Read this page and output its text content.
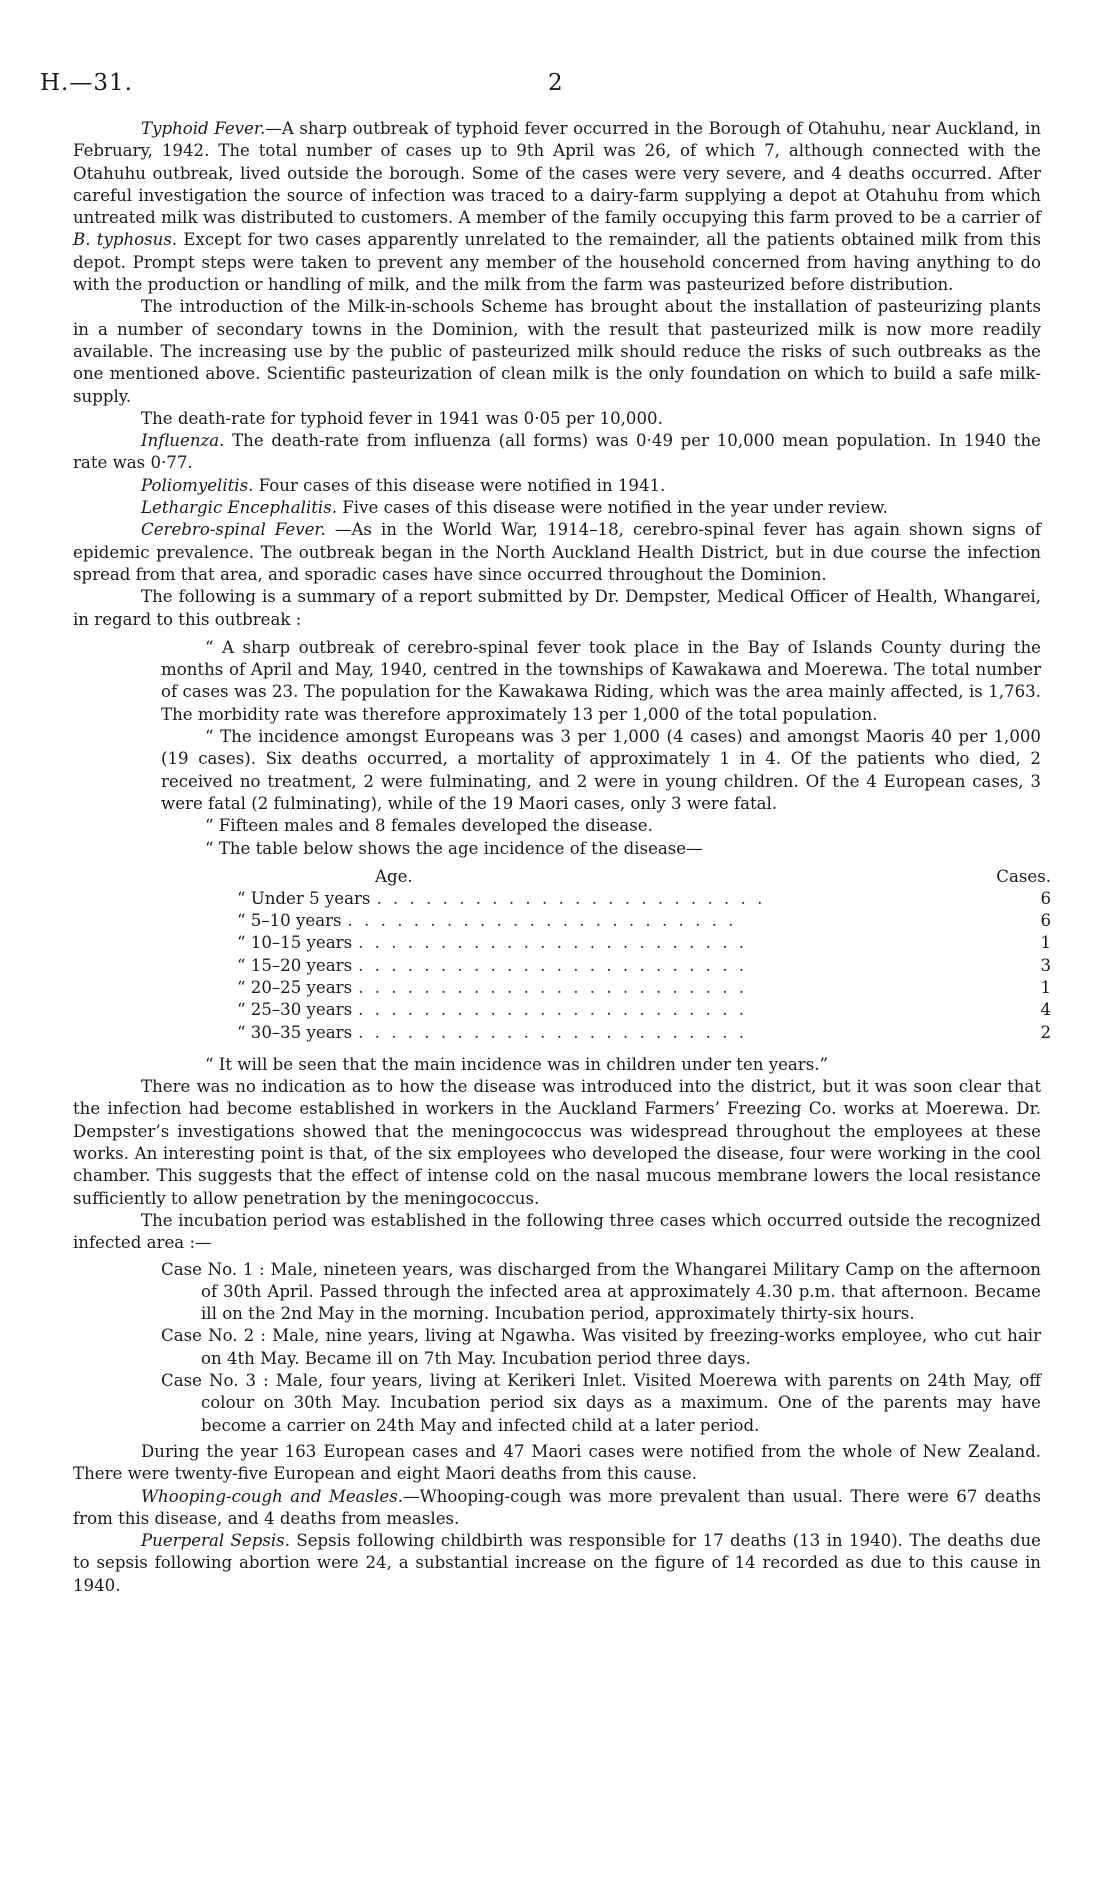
H.—31.	2

Typhoid Fever.—A sharp outbreak of typhoid fever occurred in the Borough of Otahuhu, near Auckland, in February, 1942. The total number of cases up to 9th April was 26, of which 7, although connected with the Otahuhu outbreak, lived outside the borough. Some of the cases were very severe, and 4 deaths occurred. After careful investigation the source of infection was traced to a dairy-farm supplying a depot at Otahuhu from which untreated milk was distributed to customers. A member of the family occupying this farm proved to be a carrier of B. typhosus. Except for two cases apparently unrelated to the remainder, all the patients obtained milk from this depot. Prompt steps were taken to prevent any member of the household concerned from having anything to do with the production or handling of milk, and the milk from the farm was pasteurized before distribution.

The introduction of the Milk-in-schools Scheme has brought about the installation of pasteurizing plants in a number of secondary towns in the Dominion, with the result that pasteurized milk is now more readily available. The increasing use by the public of pasteurized milk should reduce the risks of such outbreaks as the one mentioned above. Scientific pasteurization of clean milk is the only foundation on which to build a safe milk-supply.

The death-rate for typhoid fever in 1941 was 0·05 per 10,000.

Influenza. The death-rate from influenza (all forms) was 0·49 per 10,000 mean population. In 1940 the rate was 0·77.

Poliomyelitis. Four cases of this disease were notified in 1941.

Lethargic Encephalitis. Five cases of this disease were notified in the year under review.

Cerebro-spinal Fever. —As in the World War, 1914–18, cerebro-spinal fever has again shown signs of epidemic prevalence. The outbreak began in the North Auckland Health District, but in due course the infection spread from that area, and sporadic cases have since occurred throughout the Dominion.

The following is a summary of a report submitted by Dr. Dempster, Medical Officer of Health, Whangarei, in regard to this outbreak :

“ A sharp outbreak of cerebro-spinal fever took place in the Bay of Islands County during the months of April and May, 1940, centred in the townships of Kawakawa and Moerewa. The total number of cases was 23. The population for the Kawakawa Riding, which was the area mainly affected, is 1,763. The morbidity rate was therefore approximately 13 per 1,000 of the total population.

“ The incidence amongst Europeans was 3 per 1,000 (4 cases) and amongst Maoris 40 per 1,000 (19 cases). Six deaths occurred, a mortality of approximately 1 in 4. Of the patients who died, 2 received no treatment, 2 were fulminating, and 2 were in young children. Of the 4 European cases, 3 were fatal (2 fulminating), while of the 19 Maori cases, only 3 were fatal.

“ Fifteen males and 8 females developed the disease.

“ The table below shows the age incidence of the disease—

Age.	Cases.
“ Under 5 years . . . . . . . . . . . . . . . . . . . . . . . .	6
“ 5–10 years . . . . . . . . . . . . . . . . . . . . . . . .	6
“ 10–15 years . . . . . . . . . . . . . . . . . . . . . . . .	1
“ 15–20 years . . . . . . . . . . . . . . . . . . . . . . . .	3
“ 20–25 years . . . . . . . . . . . . . . . . . . . . . . . .	1
“ 25–30 years . . . . . . . . . . . . . . . . . . . . . . . .	4
“ 30–35 years . . . . . . . . . . . . . . . . . . . . . . . .	2

“ It will be seen that the main incidence was in children under ten years.”

There was no indication as to how the disease was introduced into the district, but it was soon clear that the infection had become established in workers in the Auckland Farmers’ Freezing Co. works at Moerewa. Dr. Dempster’s investigations showed that the meningococcus was widespread throughout the employees at these works. An interesting point is that, of the six employees who developed the disease, four were working in the cool chamber. This suggests that the effect of intense cold on the nasal mucous membrane lowers the local resistance sufficiently to allow penetration by the meningococcus.

The incubation period was established in the following three cases which occurred outside the recognized infected area :—

Case No. 1 : Male, nineteen years, was discharged from the Whangarei Military Camp on the afternoon of 30th April. Passed through the infected area at approximately 4.30 p.m. that afternoon. Became ill on the 2nd May in the morning. Incubation period, approximately thirty-six hours.

Case No. 2 : Male, nine years, living at Ngawha. Was visited by freezing-works employee, who cut hair on 4th May. Became ill on 7th May. Incubation period three days.

Case No. 3 : Male, four years, living at Kerikeri Inlet. Visited Moerewa with parents on 24th May, off colour on 30th May. Incubation period six days as a maximum. One of the parents may have become a carrier on 24th May and infected child at a later period.

During the year 163 European cases and 47 Maori cases were notified from the whole of New Zealand. There were twenty-five European and eight Maori deaths from this cause.

Whooping-cough and Measles.—Whooping-cough was more prevalent than usual. There were 67 deaths from this disease, and 4 deaths from measles.

Puerperal Sepsis. Sepsis following childbirth was responsible for 17 deaths (13 in 1940). The deaths due to sepsis following abortion were 24, a substantial increase on the figure of 14 recorded as due to this cause in 1940.
